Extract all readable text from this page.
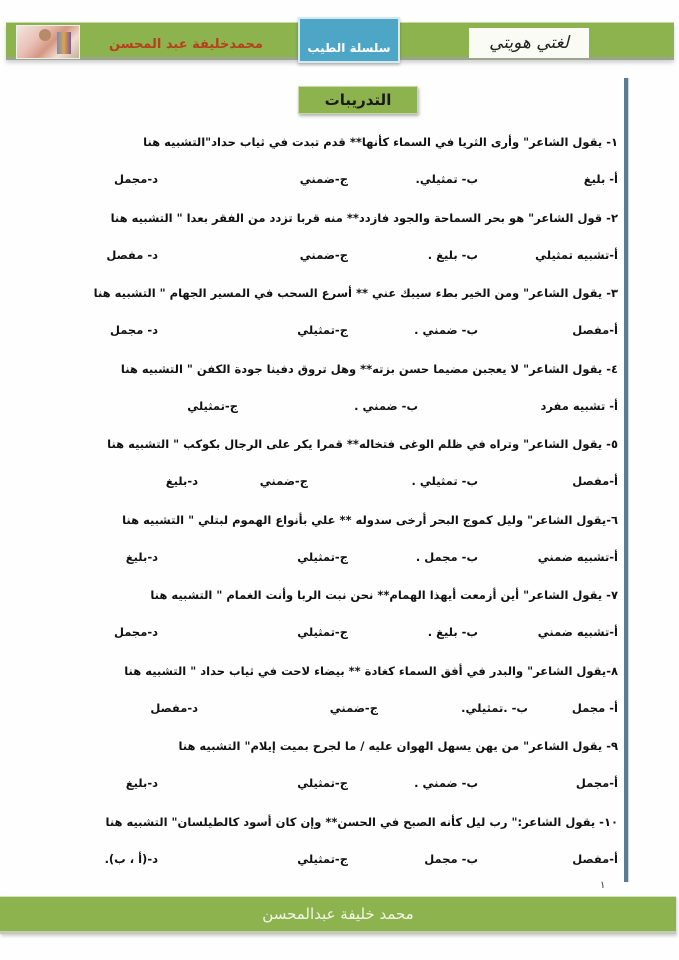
لغتي هويتي
سلسلة الطيب
محمدخليفة عبد المحسن
التدريبات
١- يقول الشاعر" وأرى الثريا في السماء كأنها** قدم تبدت في ثياب حداد"التشبيه هنا
أ- بليغ
ب- تمثيلي.
ج-ضمني
د-مجمل
٢- قول الشاعر" هو بحر السماحة والجود فازدد** منه قربا تزدد من الفقر بعدا " التشبيه هنا
أ-تشبيه تمثيلي
ب- بليغ .
ج-ضمني
د- مفصل
٣- يقول الشاعر" ومن الخير بطء سيبك عني ** أسرع السحب في المسير الجهام " التشبيه هنا
أ-مفصل
ب- ضمني .
ج-تمثيلي
د- مجمل
٤- يقول الشاعر" لا يعجبن مضيما حسن بزته** وهل تروق دفينا جودة الكفن " التشبيه هنا
أ- تشبيه مفرد
ب- ضمني .
ج-تمثيلي
٥- يقول الشاعر" وتراه في ظلم الوغى فتخاله** قمرا يكر على الرجال بكوكب " التشبيه هنا
أ-مفصل
ب- تمثيلي .
ج-ضمني
د-بليغ
٦-يقول الشاعر" وليل كموج البحر أرخى سدوله ** علي بأنواع الهموم لبتلي " التشبيه هنا
أ-تشبيه ضمني
ب- مجمل .
ج-تمثيلي
د-بليغ
٧- يقول الشاعر" أين أزمعت أيهذا الهمام** نحن نبت الربا وأنت الغمام " التشبيه هنا
أ-تشبيه ضمني
ب- بليغ .
ج-تمثيلي
د-مجمل
٨-يقول الشاعر" والبدر في أفق السماء كغادة ** بيضاء لاحت في ثياب حداد " التشبيه هنا
أ- مجمل
ب- .تمثيلي.
ج-ضمني
د-مفصل
٩- يقول الشاعر" من يهن يسهل الهوان عليه / ما لجرح بميت إيلام" التشبيه هنا
أ-مجمل
ب- ضمني .
ج-تمثيلي
د-بليغ
١٠- يقول الشاعر:" رب ليل كأنه الصبح في الحسن** وإن كان أسود كالطيلسان" التشبيه هنا
أ-مفصل
ب- مجمل
ج-تمثيلي
د-(أ ، ب).
١
محمد خليفة عبدالمحسن
